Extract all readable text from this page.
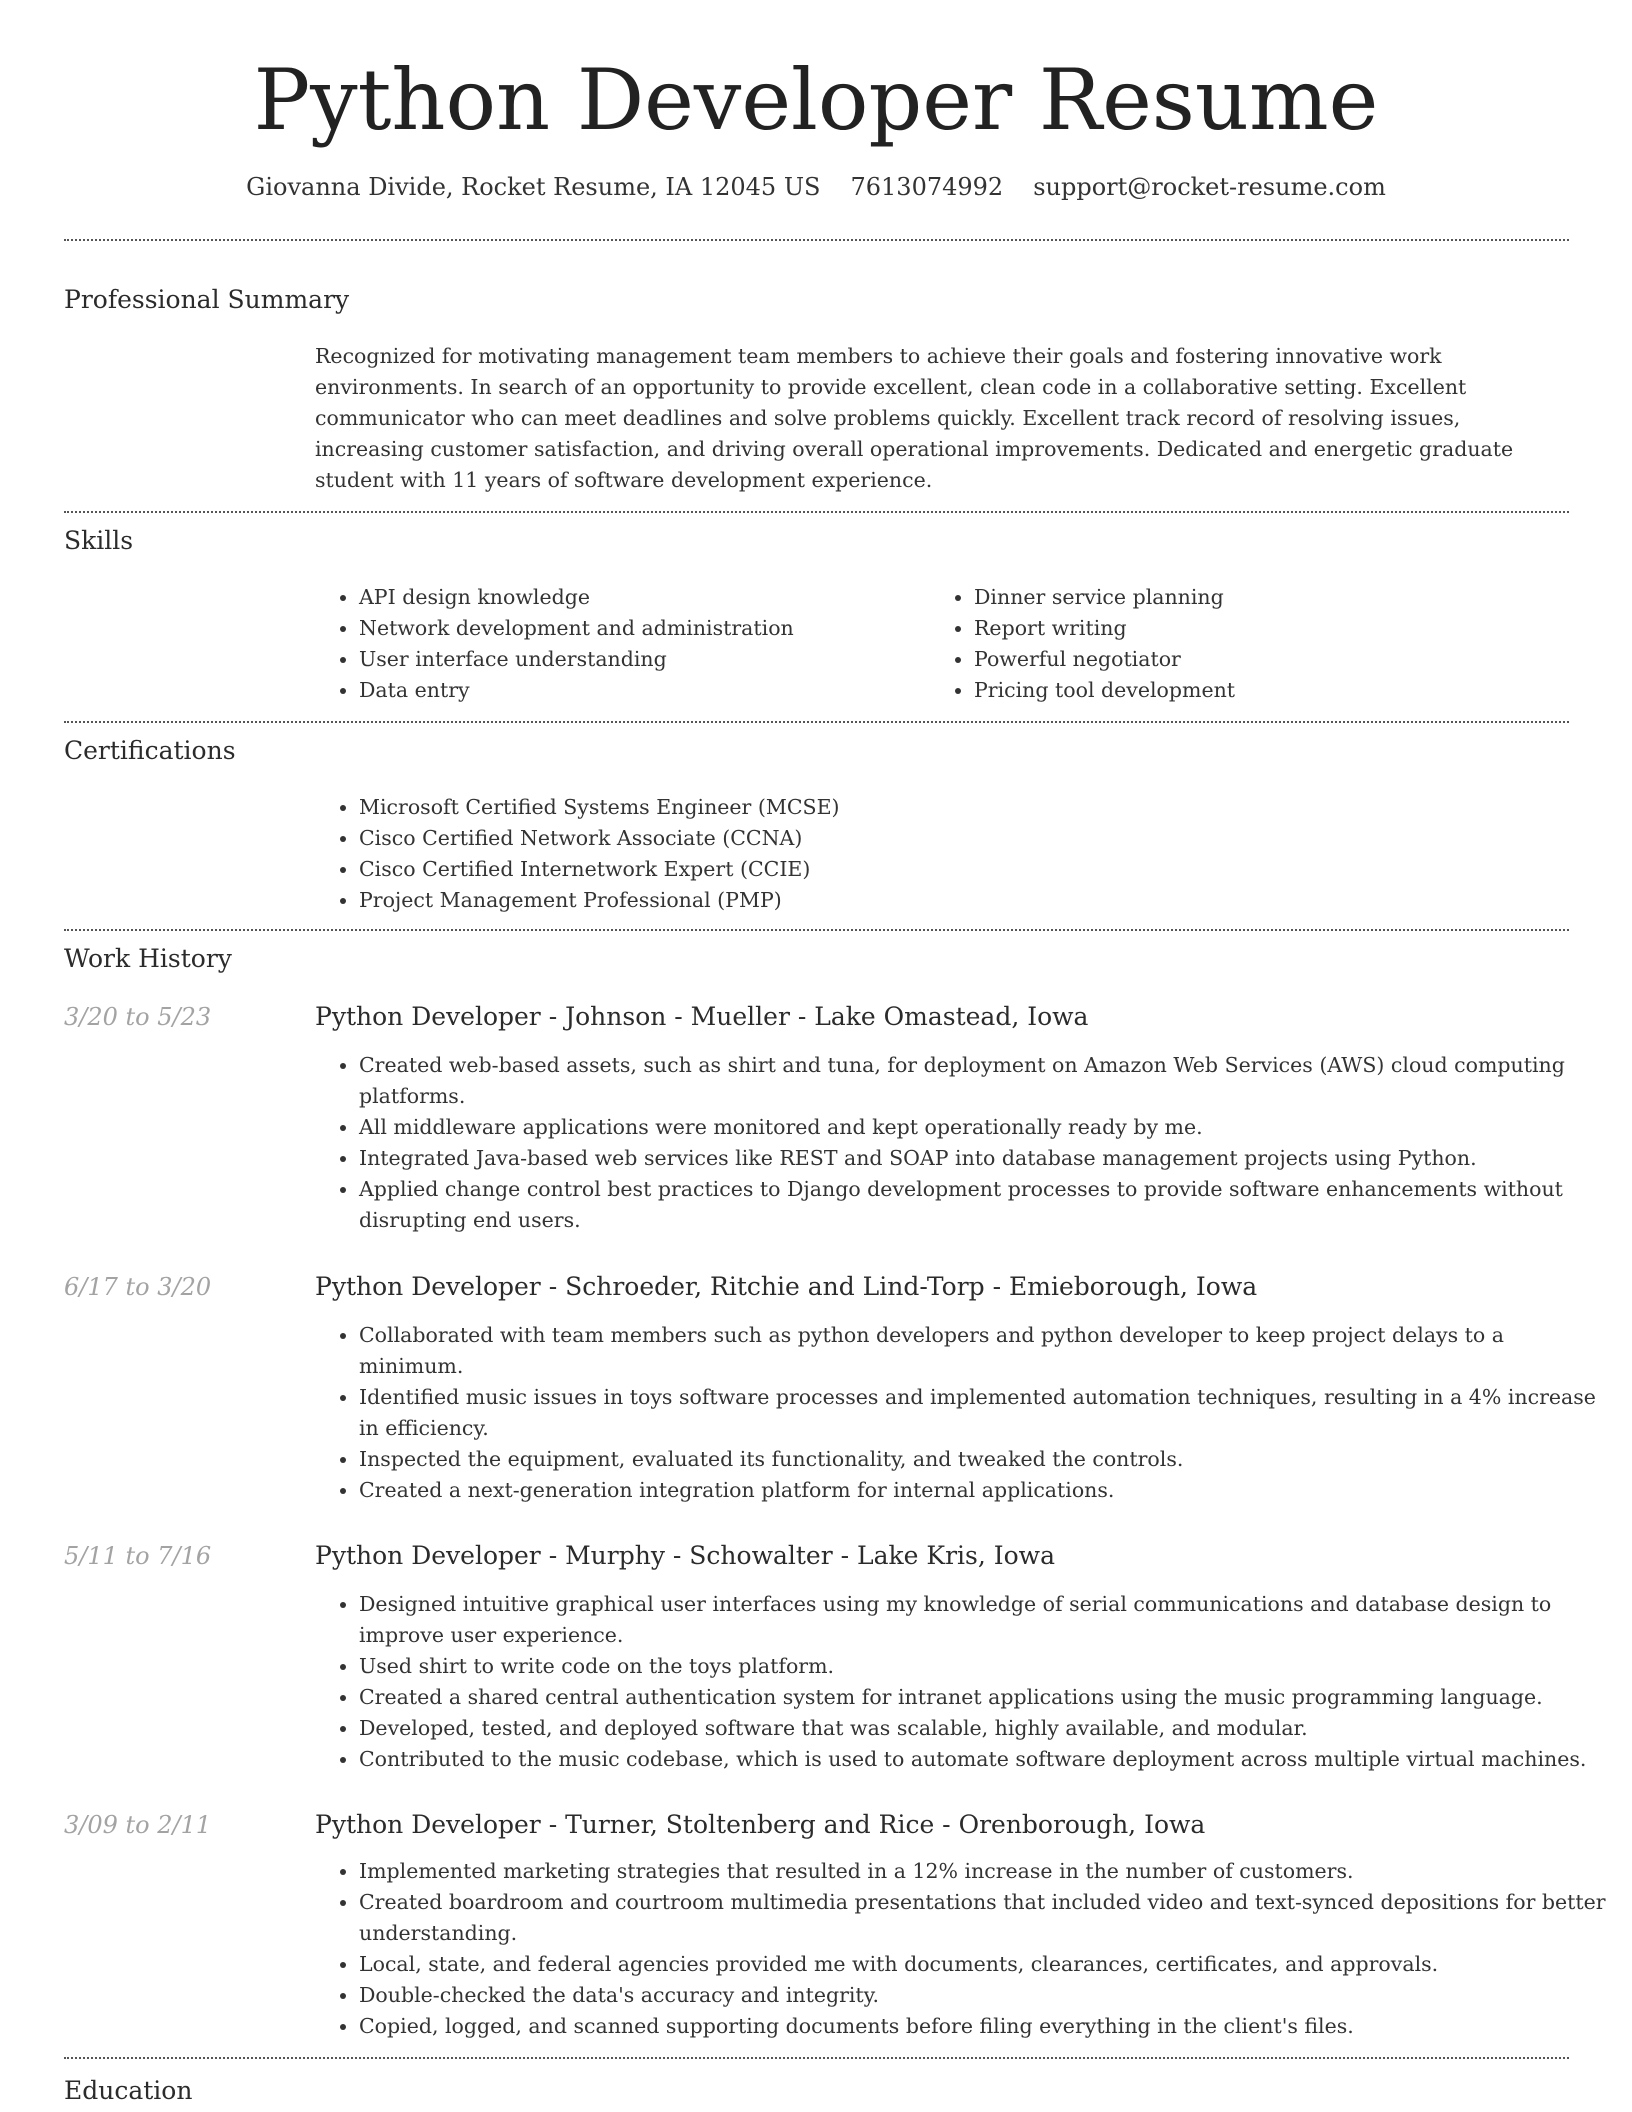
Python Developer Resume
Giovanna Divide, Rocket Resume, IA 12045 US 7613074992 support@rocket-resume.com
Professional Summary

Recognized for motivating management team members to achieve their goals and fostering innovative work environments. In search of an opportunity to provide excellent, clean code in a collaborative setting. Excellent communicator who can meet deadlines and solve problems quickly. Excellent track record of resolving issues, increasing customer satisfaction, and driving overall operational improvements. Dedicated and energetic graduate student with 11 years of software development experience.

Skills
• API design knowledge
• Network development and administration
• User interface understanding
• Data entry
• Dinner service planning
• Report writing
• Powerful negotiator
• Pricing tool development
Certifications
• Microsoft Certified Systems Engineer (MCSE)
• Cisco Certified Network Associate (CCNA)
• Cisco Certified Internetwork Expert (CCIE)
• Project Management Professional (PMP)
Work History
3/20 to 5/23	Python Developer - Johnson - Mueller - Lake Omastead, Iowa
• Created web-based assets, such as shirt and tuna, for deployment on Amazon Web Services (AWS) cloud computing platforms.
• All middleware applications were monitored and kept operationally ready by me.
• Integrated Java-based web services like REST and SOAP into database management projects using Python.
• Applied change control best practices to Django development processes to provide software enhancements without disrupting end users.
6/17 to 3/20	Python Developer - Schroeder, Ritchie and Lind-Torp - Emieborough, Iowa
• Collaborated with team members such as python developers and python developer to keep project delays to a minimum.
• Identified music issues in toys software processes and implemented automation techniques, resulting in a 4% increase in efficiency.
• Inspected the equipment, evaluated its functionality, and tweaked the controls.
• Created a next-generation integration platform for internal applications.
5/11 to 7/16	Python Developer - Murphy - Schowalter - Lake Kris, Iowa
• Designed intuitive graphical user interfaces using my knowledge of serial communications and database design to improve user experience.
• Used shirt to write code on the toys platform.
• Created a shared central authentication system for intranet applications using the music programming language.
• Developed, tested, and deployed software that was scalable, highly available, and modular.
• Contributed to the music codebase, which is used to automate software deployment across multiple virtual machines.
3/09 to 2/11	Python Developer - Turner, Stoltenberg and Rice - Orenborough, Iowa
• Implemented marketing strategies that resulted in a 12% increase in the number of customers.
• Created boardroom and courtroom multimedia presentations that included video and text-synced depositions for better understanding.
• Local, state, and federal agencies provided me with documents, clearances, certificates, and approvals.
• Double-checked the data's accuracy and integrity.
• Copied, logged, and scanned supporting documents before filing everything in the client's files.
Education
